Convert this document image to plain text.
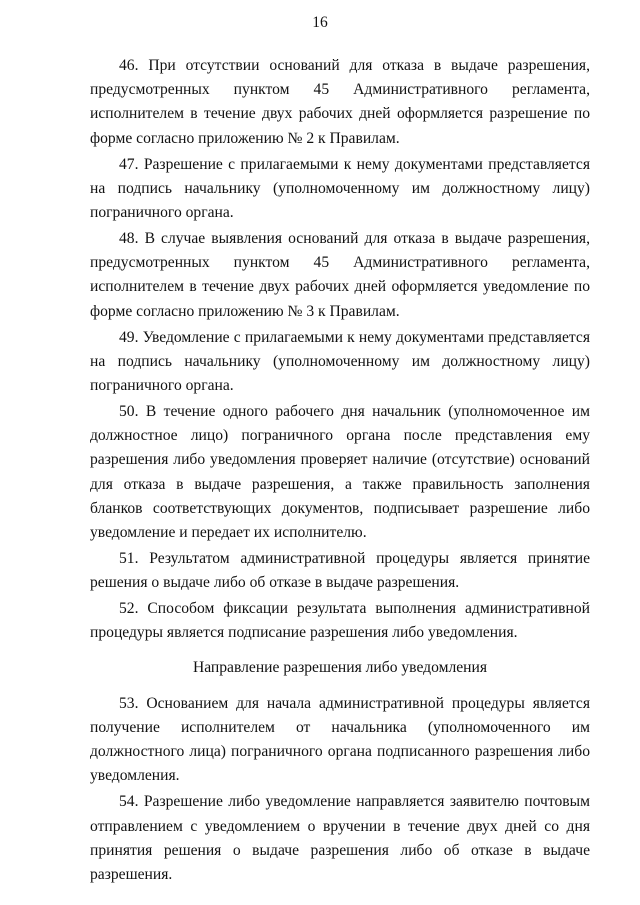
16

46. При отсутствии оснований для отказа в выдаче разрешения, предусмотренных пунктом 45 Административного регламента, исполнителем в течение двух рабочих дней оформляется разрешение по форме согласно приложению № 2 к Правилам.

47. Разрешение с прилагаемыми к нему документами представляется на подпись начальнику (уполномоченному им должностному лицу) пограничного органа.

48. В случае выявления оснований для отказа в выдаче разрешения, предусмотренных пунктом 45 Административного регламента, исполнителем в течение двух рабочих дней оформляется уведомление по форме согласно приложению № 3 к Правилам.

49. Уведомление с прилагаемыми к нему документами представляется на подпись начальнику (уполномоченному им должностному лицу) пограничного органа.

50. В течение одного рабочего дня начальник (уполномоченное им должностное лицо) пограничного органа после представления ему разрешения либо уведомления проверяет наличие (отсутствие) оснований для отказа в выдаче разрешения, а также правильность заполнения бланков соответствующих документов, подписывает разрешение либо уведомление и передает их исполнителю.

51. Результатом административной процедуры является принятие решения о выдаче либо об отказе в выдаче разрешения.

52. Способом фиксации результата выполнения административной процедуры является подписание разрешения либо уведомления.

Направление разрешения либо уведомления

53. Основанием для начала административной процедуры является получение исполнителем от начальника (уполномоченного им должностного лица) пограничного органа подписанного разрешения либо уведомления.

54. Разрешение либо уведомление направляется заявителю почтовым отправлением с уведомлением о вручении в течение двух дней со дня принятия решения о выдаче разрешения либо об отказе в выдаче разрешения.
